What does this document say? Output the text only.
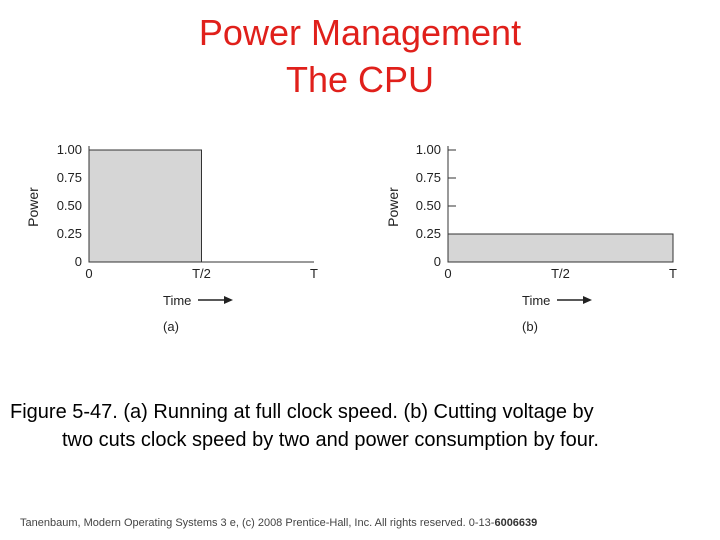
Power Management
The CPU
0
0.25
0.50
0.75
1.00
0	T/2	T
Power
Time
(a)
0
0.25
0.50
0.75
1.00
0	T/2	T
Power
Time
(b)
Figure 5-47. (a) Running at full clock speed. (b) Cutting voltage by
two cuts clock speed by two and power consumption by four.
Tanenbaum, Modern Operating Systems 3 e, (c) 2008 Prentice-Hall, Inc. All rights reserved. 0-13-6006639
